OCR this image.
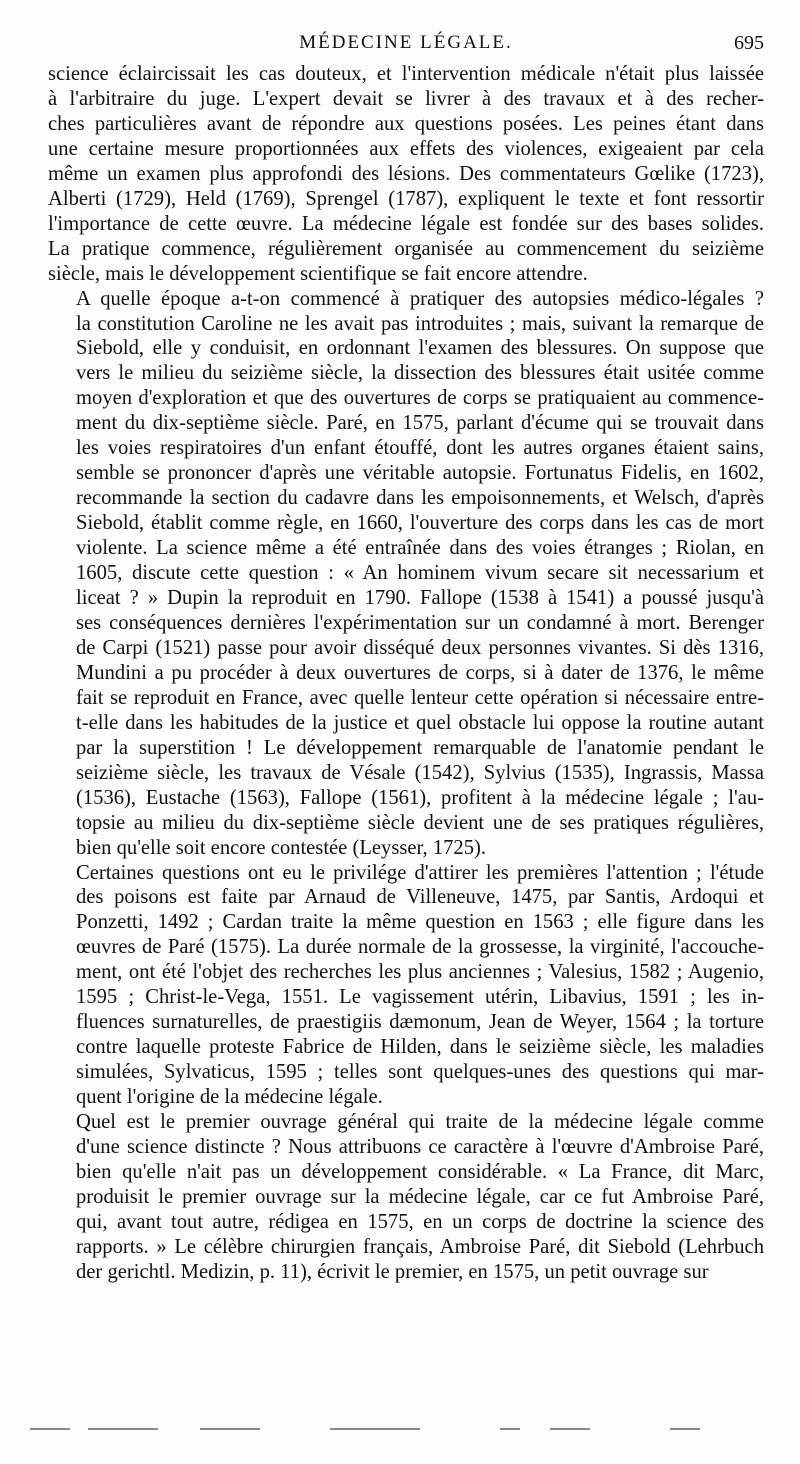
MÉDECINE LÉGALE.	695

science éclaircissait les cas douteux, et l'intervention médicale n'était plus laissée
à l'arbitraire du juge. L'expert devait se livrer à des travaux et à des recher-
ches particulières avant de répondre aux questions posées. Les peines étant dans
une certaine mesure proportionnées aux effets des violences, exigeaient par cela
même un examen plus approfondi des lésions. Des commentateurs Gœlike (1723),
Alberti (1729), Held (1769), Sprengel (1787), expliquent le texte et font ressortir
l'importance de cette œuvre. La médecine légale est fondée sur des bases solides.
La pratique commence, régulièrement organisée au commencement du seizième
siècle, mais le développement scientifique se fait encore attendre.

A quelle époque a-t-on commencé à pratiquer des autopsies médico-légales ?
la constitution Caroline ne les avait pas introduites ; mais, suivant la remarque de
Siebold, elle y conduisit, en ordonnant l'examen des blessures. On suppose que
vers le milieu du seizième siècle, la dissection des blessures était usitée comme
moyen d'exploration et que des ouvertures de corps se pratiquaient au commence-
ment du dix-septième siècle. Paré, en 1575, parlant d'écume qui se trouvait dans
les voies respiratoires d'un enfant étouffé, dont les autres organes étaient sains,
semble se prononcer d'après une véritable autopsie. Fortunatus Fidelis, en 1602,
recommande la section du cadavre dans les empoisonnements, et Welsch, d'après
Siebold, établit comme règle, en 1660, l'ouverture des corps dans les cas de mort
violente. La science même a été entraînée dans des voies étranges ; Riolan, en
1605, discute cette question : « An hominem vivum secare sit necessarium et
liceat ? » Dupin la reproduit en 1790. Fallope (1538 à 1541) a poussé jusqu'à
ses conséquences dernières l'expérimentation sur un condamné à mort. Berenger
de Carpi (1521) passe pour avoir disséqué deux personnes vivantes. Si dès 1316,
Mundini a pu procéder à deux ouvertures de corps, si à dater de 1376, le même
fait se reproduit en France, avec quelle lenteur cette opération si nécessaire entre-
t-elle dans les habitudes de la justice et quel obstacle lui oppose la routine autant
par la superstition ! Le développement remarquable de l'anatomie pendant le
seizième siècle, les travaux de Vésale (1542), Sylvius (1535), Ingrassis, Massa
(1536), Eustache (1563), Fallope (1561), profitent à la médecine légale ; l'au-
topsie au milieu du dix-septième siècle devient une de ses pratiques régulières,
bien qu'elle soit encore contestée (Leysser, 1725).

Certaines questions ont eu le privilége d'attirer les premières l'attention ; l'étude
des poisons est faite par Arnaud de Villeneuve, 1475, par Santis, Ardoqui et
Ponzetti, 1492 ; Cardan traite la même question en 1563 ; elle figure dans les
œuvres de Paré (1575). La durée normale de la grossesse, la virginité, l'accouche-
ment, ont été l'objet des recherches les plus anciennes ; Valesius, 1582 ; Augenio,
1595 ; Christ-le-Vega, 1551. Le vagissement utérin, Libavius, 1591 ; les in-
fluences surnaturelles, de praestigiis dæmonum, Jean de Weyer, 1564 ; la torture
contre laquelle proteste Fabrice de Hilden, dans le seizième siècle, les maladies
simulées, Sylvaticus, 1595 ; telles sont quelques-unes des questions qui mar-
quent l'origine de la médecine légale.

Quel est le premier ouvrage général qui traite de la médecine légale comme
d'une science distincte ? Nous attribuons ce caractère à l'œuvre d'Ambroise Paré,
bien qu'elle n'ait pas un développement considérable. « La France, dit Marc,
produisit le premier ouvrage sur la médecine légale, car ce fut Ambroise Paré,
qui, avant tout autre, rédigea en 1575, en un corps de doctrine la science des
rapports. » Le célèbre chirurgien français, Ambroise Paré, dit Siebold (Lehrbuch
der gerichtl. Medizin, p. 11), écrivit le premier, en 1575, un petit ouvrage sur
